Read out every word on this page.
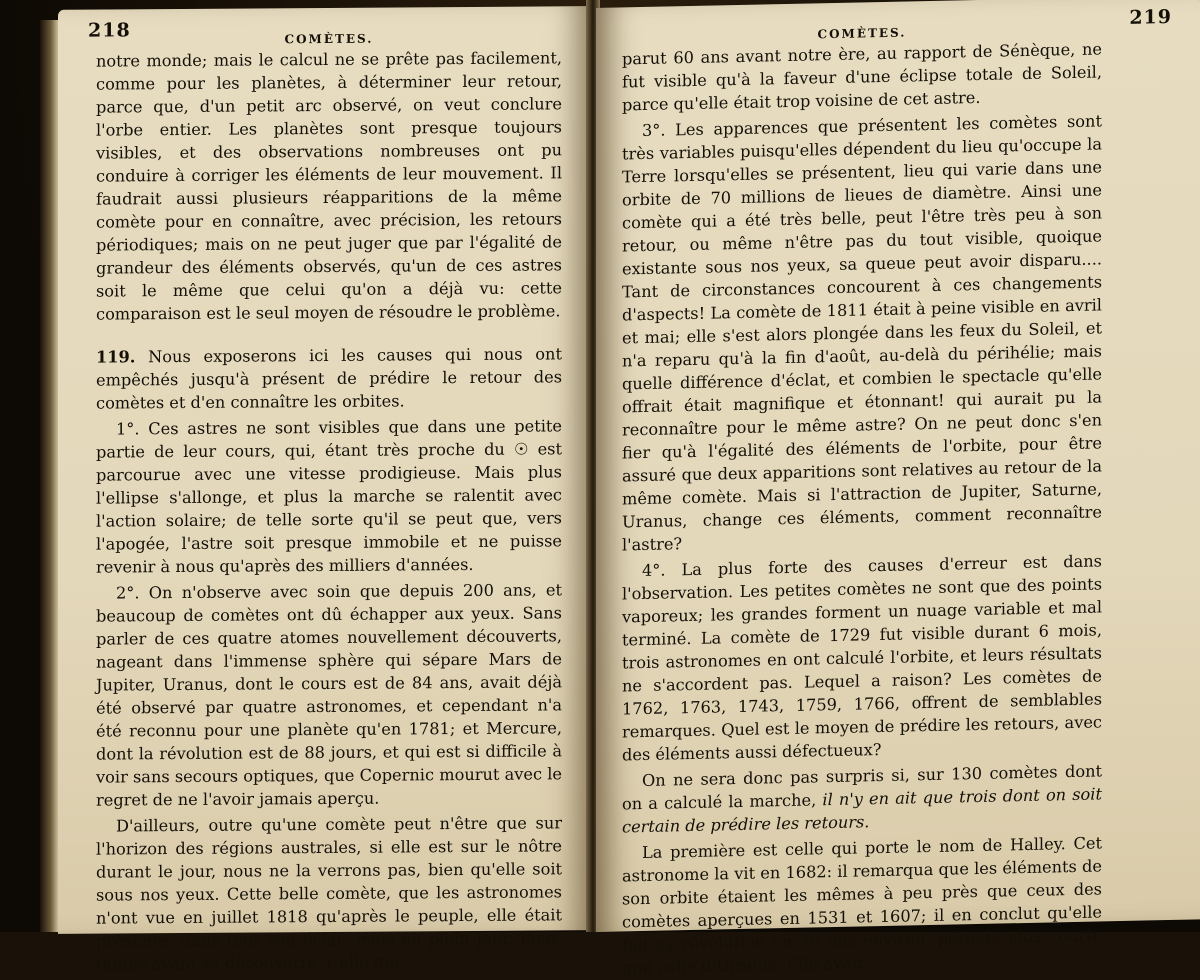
218	COMÈTES.

notre monde; mais le calcul ne se prête pas facilement, comme pour les planètes, à déterminer leur retour, parce que, d'un petit arc observé, on veut conclure l'orbe entier. Les planètes sont presque toujours visibles, et des observations nombreuses ont pu conduire à corriger les éléments de leur mouvement. Il faudrait aussi plusieurs réapparitions de la même comète pour en connaître, avec précision, les retours périodiques; mais on ne peut juger que par l'égalité de grandeur des éléments observés, qu'un de ces astres soit le même que celui qu'on a déjà vu: cette comparaison est le seul moyen de résoudre le problème.

119. Nous exposerons ici les causes qui nous ont empêchés jusqu'à présent de prédire le retour des comètes et d'en connaître les orbites.

1°. Ces astres ne sont visibles que dans une petite partie de leur cours, qui, étant très proche du ☉ est parcourue avec une vitesse prodigieuse. Mais plus l'ellipse s'allonge, et plus la marche se ralentit avec l'action solaire; de telle sorte qu'il se peut que, vers l'apogée, l'astre soit presque immobile et ne puisse revenir à nous qu'après des milliers d'années.

2°. On n'observe avec soin que depuis 200 ans, et beaucoup de comètes ont dû échapper aux yeux. Sans parler de ces quatre atomes nouvellement découverts, nageant dans l'immense sphère qui sépare Mars de Jupiter, Uranus, dont le cours est de 84 ans, avait déjà été observé par quatre astronomes, et cependant n'a été reconnu pour une planète qu'en 1781; et Mercure, dont la révolution est de 88 jours, et qui est si difficile à voir sans secours optiques, que Copernic mourut avec le regret de ne l'avoir jamais aperçu.

D'ailleurs, outre qu'une comète peut n'être que sur l'horizon des régions australes, si elle est sur le nôtre durant le jour, nous ne la verrons pas, bien qu'elle soit sous nos yeux. Cette belle comète, que les astronomes n'ont vue en juillet 1818 qu'après le peuple, elle était présente, dans tout son éclat, mais en plein jour, long-temps avant sa découverte. Celle qui

219
COMÈTES.

parut 60 ans avant notre ère, au rapport de Sénèque, ne fut visible qu'à la faveur d'une éclipse totale de Soleil, parce qu'elle était trop voisine de cet astre.

3°. Les apparences que présentent les comètes sont très variables puisqu'elles dépendent du lieu qu'occupe la Terre lorsqu'elles se présentent, lieu qui varie dans une orbite de 70 millions de lieues de diamètre. Ainsi une comète qui a été très belle, peut l'être très peu à son retour, ou même n'être pas du tout visible, quoique existante sous nos yeux, sa queue peut avoir disparu.... Tant de circonstances concourent à ces changements d'aspects! La comète de 1811 était à peine visible en avril et mai; elle s'est alors plongée dans les feux du Soleil, et n'a reparu qu'à la fin d'août, au-delà du périhélie; mais quelle différence d'éclat, et combien le spectacle qu'elle offrait était magnifique et étonnant! qui aurait pu la reconnaître pour le même astre? On ne peut donc s'en fier qu'à l'égalité des éléments de l'orbite, pour être assuré que deux apparitions sont relatives au retour de la même comète. Mais si l'attraction de Jupiter, Saturne, Uranus, change ces éléments, comment reconnaître l'astre?

4°. La plus forte des causes d'erreur est dans l'observation. Les petites comètes ne sont que des points vaporeux; les grandes forment un nuage variable et mal terminé. La comète de 1729 fut visible durant 6 mois, trois astronomes en ont calculé l'orbite, et leurs résultats ne s'accordent pas. Lequel a raison? Les comètes de 1762, 1763, 1743, 1759, 1766, offrent de semblables remarques. Quel est le moyen de prédire les retours, avec des éléments aussi défectueux?

On ne sera donc pas surpris si, sur 130 comètes dont on a calculé la marche, il n'y en ait que trois dont on soit certain de prédire les retours.

La première est celle qui porte le nom de Halley. Cet astronome la vit en 1682: il remarqua que les éléments de son orbite étaient les mêmes à peu près que ceux des comètes aperçues en 1531 et 1607; il en conclut qu'elle fait sa révolution en 76 ans environ, période plus courte que celle d'Uranus. Elle avait
